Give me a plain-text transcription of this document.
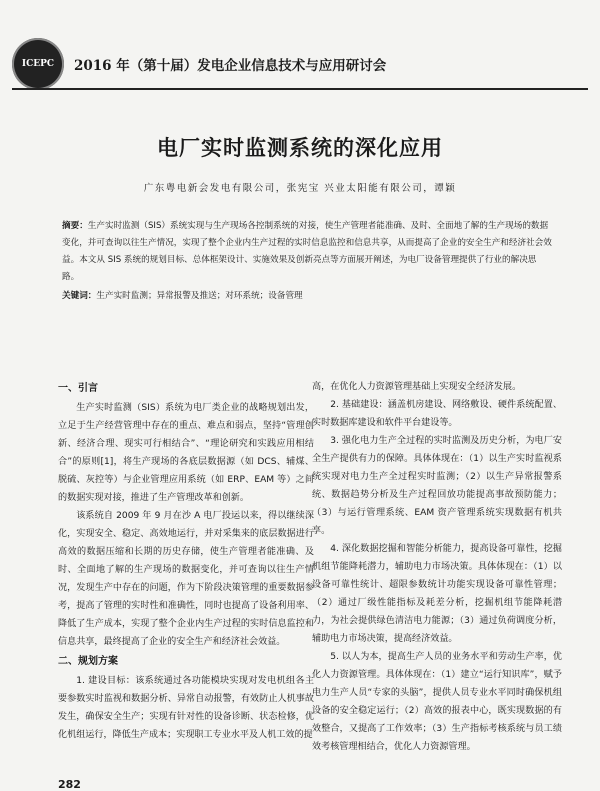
ICEPC	2016 年（第十届）发电企业信息技术与应用研讨会
电厂实时监测系统的深化应用
广东粤电新会发电有限公司，张宪宝 兴业太阳能有限公司，谭颖
摘要：生产实时监测（SIS）系统实现与生产现场各控制系统的对接，使生产管理者能准确、及时、全面地了解的生产现场的数据变化，并可查询以往生产情况，实现了整个企业内生产过程的实时信息监控和信息共享，从而提高了企业的安全生产和经济社会效益。本文从 SIS 系统的规划目标、总体框架设计、实施效果及创新亮点等方面展开阐述，为电厂设备管理提供了行业的解决思路。
关键词：生产实时监测；异常报警及推送；对环系统；设备管理

一、引言

生产实时监测（SIS）系统为电厂类企业的战略规划出发，立足于生产经营管理中存在的重点、难点和弱点，坚持“管理创新、经济合理、现实可行相结合”、“理论研究和实践应用相结合”的原则[1]，将生产现场的各底层数据源（如 DCS、辅煤、脱硫、灰控等）与企业管理应用系统（如 ERP、EAM 等）之间的数据实现对接，推进了生产管理改革和创新。

该系统自 2009 年 9 月在沙 A 电厂投运以来，得以继续深化，实现安全、稳定、高效地运行，并对采集来的底层数据进行高效的数据压缩和长期的历史存储，使生产管理者能准确、及时、全面地了解的生产现场的数据变化，并可查询以往生产情况，发现生产中存在的问题，作为下阶段决策管理的重要数据参考，提高了管理的实时性和准确性，同时也提高了设备利用率、降低了生产成本，实现了整个企业内生产过程的实时信息监控和信息共享，最终提高了企业的安全生产和经济社会效益。

二、规划方案

1. 建设目标：该系统通过各功能模块实现对发电机组各主要参数实时监视和数据分析、异常自动报警，有效防止人机事故发生，确保安全生产；实现有针对性的设备诊断、状态检修，优化机组运行，降低生产成本；实现职工专业水平及人机工效的提

高，在优化人力资源管理基础上实现安全经济发展。

2. 基础建设：涵盖机房建设、网络敷设、硬件系统配置、实时数据库建设和软件平台建设等。

3. 强化电力生产全过程的实时监测及历史分析，为电厂安全生产提供有力的保障。具体体现在：（1）以生产实时监视系统实现对电力生产全过程实时监测；（2）以生产异常报警系统、数据趋势分析及生产过程回放功能提高事故预防能力；（3）与运行管理系统、EAM 资产管理系统实现数据有机共享。

4. 深化数据挖掘和智能分析能力，提高设备可靠性，挖掘机组节能降耗潜力，辅助电力市场决策。具体体现在：（1）以设备可靠性统计、超限参数统计功能实现设备可靠性管理；（2）通过厂级性能指标及耗差分析，挖掘机组节能降耗潜力，为社会提供绿色清洁电力能源；（3）通过负荷调度分析，辅助电力市场决策，提高经济效益。

5. 以人为本，提高生产人员的业务水平和劳动生产率，优化人力资源管理。具体体现在：（1）建立“运行知识库”，赋予电力生产人员“专家的头脑”，提供人员专业水平同时确保机组设备的安全稳定运行；（2）高效的报表中心，既实现数据的有效整合，又提高了工作效率；（3）生产指标考核系统与员工绩效考核管理相结合，优化人力资源管理。

282
